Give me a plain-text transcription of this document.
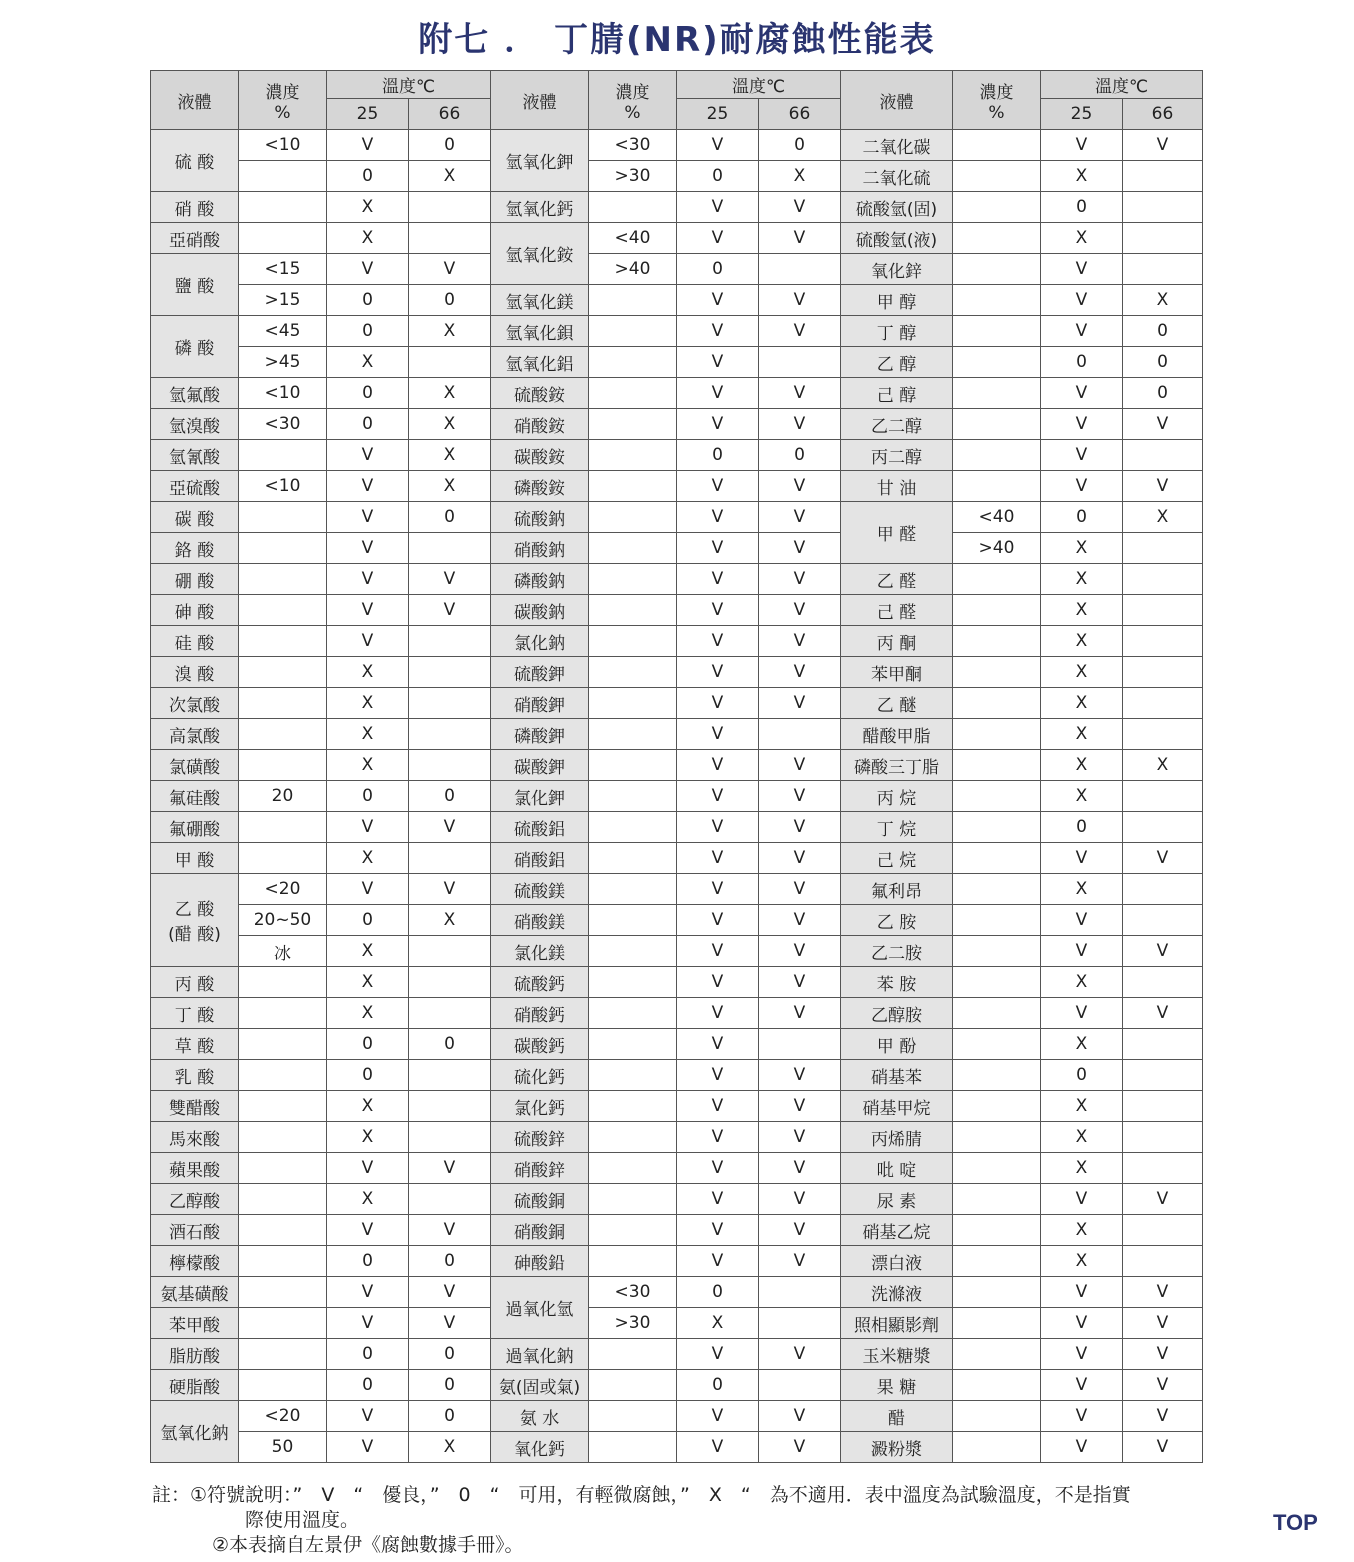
附七 ． 丁腈(NR)耐腐蝕性能表
液體	濃度
%	溫度℃		液體	濃度
%	溫度℃		液體	濃度
%	溫度℃	
		25	66			25	66			25	66
硫 酸	<10	V	0	氫氧化鉀	<30	V	0	二氧化碳		V	V
		0	X		>30	0	X	二氧化硫		X	
硝 酸		X		氫氧化鈣		V	V	硫酸氫(固)		0	
亞硝酸		X		氫氧化銨	<40	V	V	硫酸氫(液)		X	
鹽 酸	<15	V	V		>40	0		氧化鋅		V	
	>15	0	0	氫氧化鎂		V	V	甲 醇		V	X
磷 酸	<45	0	X	氫氧化鋇		V	V	丁 醇		V	0
	>45	X		氫氧化鋁		V		乙 醇		0	0
氫氟酸	<10	0	X	硫酸銨		V	V	己 醇		V	0
氫溴酸	<30	0	X	硝酸銨		V	V	乙二醇		V	V
氫氰酸		V	X	碳酸銨		0	0	丙二醇		V	
亞硫酸	<10	V	X	磷酸銨		V	V	甘 油		V	V
碳 酸		V	0	硫酸鈉		V	V	甲 醛	<40	0	X
鉻 酸		V		硝酸鈉		V	V		>40	X	
硼 酸		V	V	磷酸鈉		V	V	乙 醛		X	
砷 酸		V	V	碳酸鈉		V	V	己 醛		X	
硅 酸		V		氯化鈉		V	V	丙 酮		X	
溴 酸		X		硫酸鉀		V	V	苯甲酮		X	
次氯酸		X		硝酸鉀		V	V	乙 醚		X	
高氯酸		X		磷酸鉀		V		醋酸甲脂		X	
氯磺酸		X		碳酸鉀		V	V	磷酸三丁脂		X	X
氟硅酸	20	0	0	氯化鉀		V	V	丙 烷		X	
氟硼酸		V	V	硫酸鋁		V	V	丁 烷		0	
甲 酸		X		硝酸鋁		V	V	己 烷		V	V
乙 酸
(醋 酸)	<20	V	V	硫酸鎂		V	V	氟利昂		X	
	20~50	0	X	硝酸鎂		V	V	乙 胺		V	
	冰	X		氯化鎂		V	V	乙二胺		V	V
丙 酸		X		硫酸鈣		V	V	苯 胺		X	
丁 酸		X		硝酸鈣		V	V	乙醇胺		V	V
草 酸		0	0	碳酸鈣		V		甲 酚		X	
乳 酸		0		硫化鈣		V	V	硝基苯		0	
雙醋酸		X		氯化鈣		V	V	硝基甲烷		X	
馬來酸		X		硫酸鋅		V	V	丙烯腈		X	
蘋果酸		V	V	硝酸鋅		V	V	吡 啶		X	
乙醇酸		X		硫酸銅		V	V	尿 素		V	V
酒石酸		V	V	硝酸銅		V	V	硝基乙烷		X	
檸檬酸		0	0	砷酸鉛		V	V	漂白液		X	
氨基磺酸		V	V	過氧化氫	<30	0		洗滌液		V	V
苯甲酸		V	V		>30	X		照相顯影劑		V	V
脂肪酸		0	0	過氧化鈉		V	V	玉米糖漿		V	V
硬脂酸		0	0	氨(固或氣)		0		果 糖		V	V
氫氧化鈉	<20	V	0	氨 水		V	V	醋		V	V
	50	V	X	氧化鈣		V	V	澱粉漿		V	V
註：①符號說明：”　V　“　優良，”　0　“　可用，有輕微腐蝕，”　X　“　為不適用．表中溫度為試驗溫度，不是指實
際使用溫度。
②本表摘自左景伊《腐蝕數據手冊》。
TOP
